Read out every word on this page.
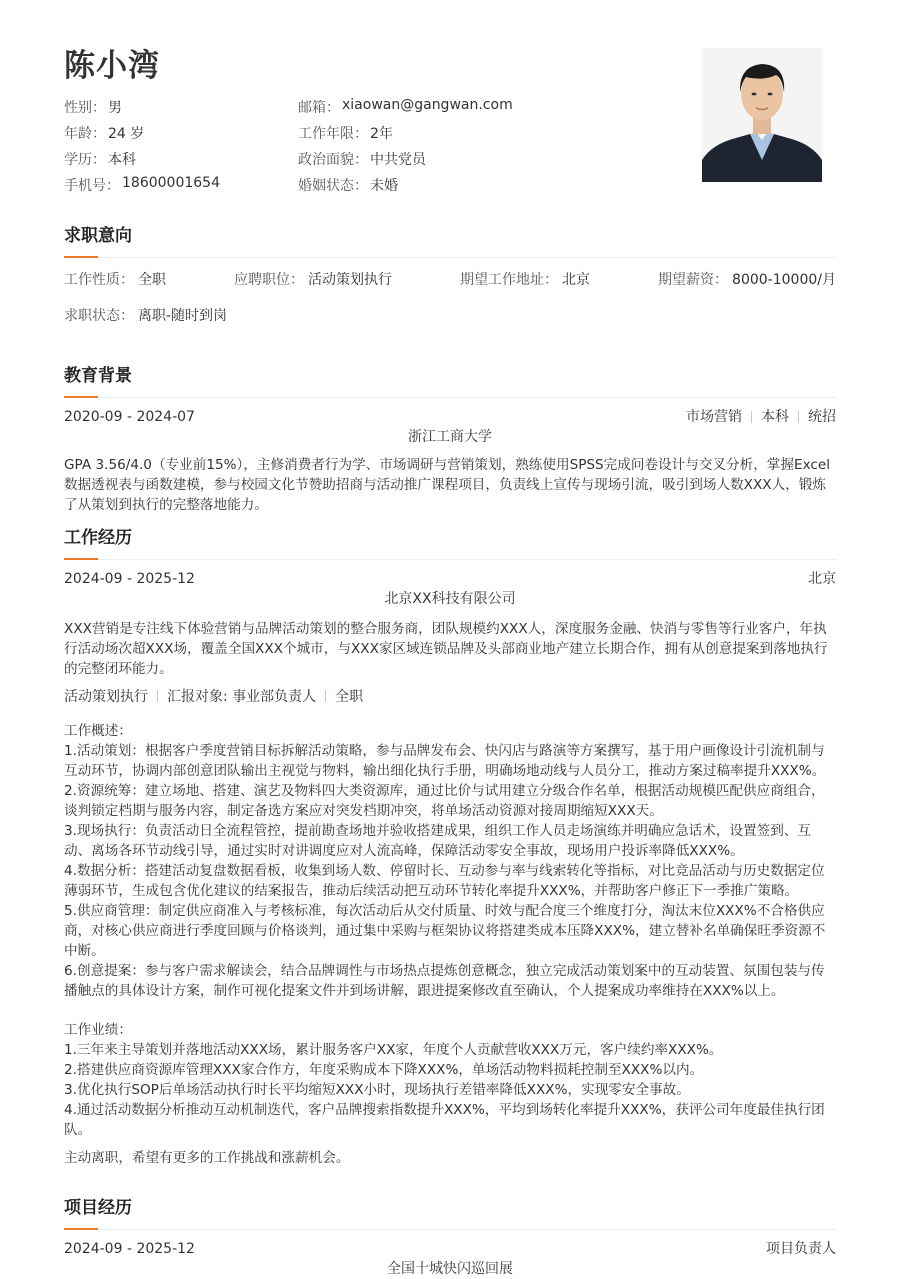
陈小湾
性别： 男	邮箱： xiaowan@gangwan.com
年龄： 24 岁	工作年限： 2年
学历： 本科	政治面貌： 中共党员
手机号： 18600001654	婚姻状态： 未婚
求职意向
工作性质： 全职	应聘职位： 活动策划执行	期望工作地址： 北京	期望薪资： 8000-10000/月
求职状态： 离职-随时到岗
教育背景
2020-09 - 2024-07	市场营销 本科 统招
浙江工商大学

GPA 3.56/4.0（专业前15%），主修消费者行为学、市场调研与营销策划，熟练使用SPSS完成问卷设计与交叉分析，掌握Excel数据透视表与函数建模，参与校园文化节赞助招商与活动推广课程项目，负责线上宣传与现场引流，吸引到场人数XXX人，锻炼了从策划到执行的完整落地能力。

工作经历
2024-09 - 2025-12	北京
北京XX科技有限公司

XXX营销是专注线下体验营销与品牌活动策划的整合服务商，团队规模约XXX人，深度服务金融、快消与零售等行业客户，年执行活动场次超XXX场，覆盖全国XXX个城市，与XXX家区域连锁品牌及头部商业地产建立长期合作，拥有从创意提案到落地执行的完整闭环能力。

活动策划执行 汇报对象: 事业部负责人 全职
工作概述：
1.活动策划：根据客户季度营销目标拆解活动策略，参与品牌发布会、快闪店与路演等方案撰写，基于用户画像设计引流机制与互动环节，协调内部创意团队输出主视觉与物料，输出细化执行手册，明确场地动线与人员分工，推动方案过稿率提升XXX%。
2.资源统筹：建立场地、搭建、演艺及物料四大类资源库，通过比价与试用建立分级合作名单，根据活动规模匹配供应商组合，谈判锁定档期与服务内容，制定备选方案应对突发档期冲突，将单场活动资源对接周期缩短XXX天。
3.现场执行：负责活动日全流程管控，提前勘查场地并验收搭建成果，组织工作人员走场演练并明确应急话术，设置签到、互动、离场各环节动线引导，通过实时对讲调度应对人流高峰，保障活动零安全事故，现场用户投诉率降低XXX%。
4.数据分析：搭建活动复盘数据看板，收集到场人数、停留时长、互动参与率与线索转化等指标，对比竞品活动与历史数据定位薄弱环节，生成包含优化建议的结案报告，推动后续活动把互动环节转化率提升XXX%，并帮助客户修正下一季推广策略。
5.供应商管理：制定供应商准入与考核标准，每次活动后从交付质量、时效与配合度三个维度打分，淘汰末位XXX%不合格供应商，对核心供应商进行季度回顾与价格谈判，通过集中采购与框架协议将搭建类成本压降XXX%，建立替补名单确保旺季资源不中断。
6.创意提案：参与客户需求解读会，结合品牌调性与市场热点提炼创意概念，独立完成活动策划案中的互动装置、氛围包装与传播触点的具体设计方案，制作可视化提案文件并到场讲解，跟进提案修改直至确认，个人提案成功率维持在XXX%以上。
工作业绩：
1.三年来主导策划并落地活动XXX场，累计服务客户XX家，年度个人贡献营收XXX万元，客户续约率XXX%。
2.搭建供应商资源库管理XXX家合作方，年度采购成本下降XXX%，单场活动物料损耗控制至XXX%以内。
3.优化执行SOP后单场活动执行时长平均缩短XXX小时，现场执行差错率降低XXX%，实现零安全事故。
4.通过活动数据分析推动互动机制迭代，客户品牌搜索指数提升XXX%，平均到场转化率提升XXX%，获评公司年度最佳执行团队。
主动离职，希望有更多的工作挑战和涨薪机会。
项目经历
2024-09 - 2025-12	项目负责人
全国十城快闪巡回展
